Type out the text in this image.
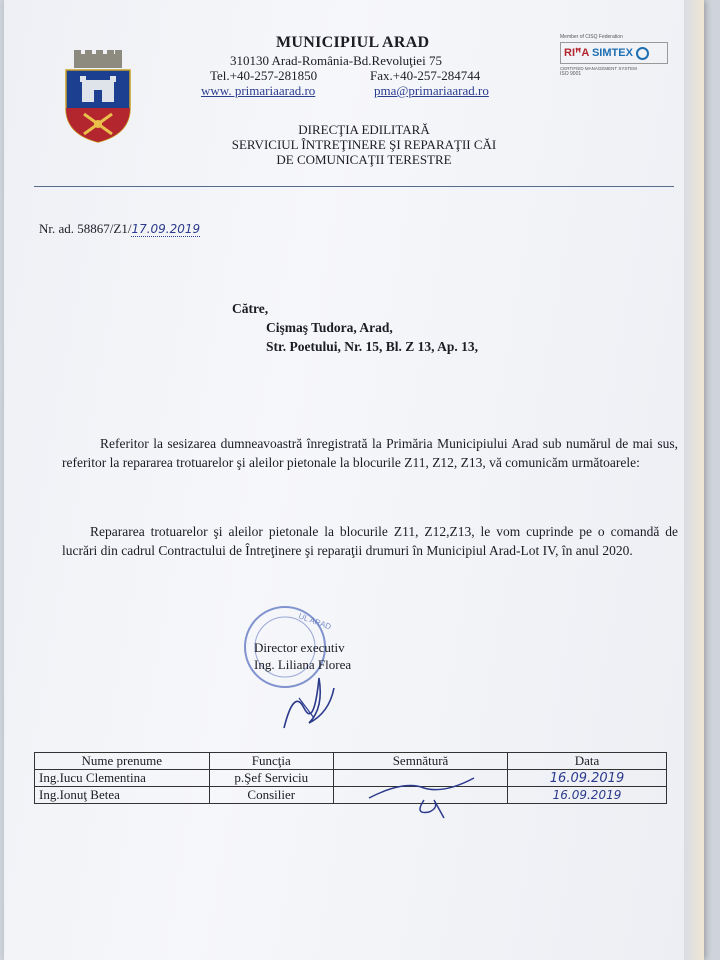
MUNICIPIUL ARAD
310130 Arad-România-Bd.Revoluţiei 75
Tel.+40-257-281850	Fax.+40-257-284744
www. primariaarad.ro	pma@primariaarad.ro
Member of CISQ Federation
RIꟸA SIMTEX
CERTIFIED MANAGEMENT SYSTEM
ISO 9001
DIRECŢIA EDILITARĂ
SERVICIUL ÎNTREŢINERE ŞI REPARAŢII CĂI
DE COMUNICAŢII TERESTRE
Nr. ad. 58867/Z1/17.09.2019
Către,
Cişmaş Tudora, Arad,
Str. Poetului, Nr. 15, Bl. Z 13, Ap. 13,
Referitor la sesizarea dumneavoastră înregistrată la Primăria Municipiului Arad sub numărul de mai sus, referitor la repararea trotuarelor şi aleilor pietonale la blocurile Z11, Z12, Z13, vă comunicăm următoarele:
Repararea trotuarelor şi aleilor pietonale la blocurile Z11, Z12,Z13, le vom cuprinde pe o comandă de lucrări din cadrul Contractului de Întreţinere şi reparaţii drumuri în Municipiul Arad-Lot IV, în anul 2020.
UL ARAD
Director executiv
Ing. Liliana Florea
Nume prenume	Funcţia	Semnătură	Data
Ing.Iucu Clementina	p.Şef Serviciu		16.09.2019
Ing.Ionuţ Betea	Consilier		16.09.2019
